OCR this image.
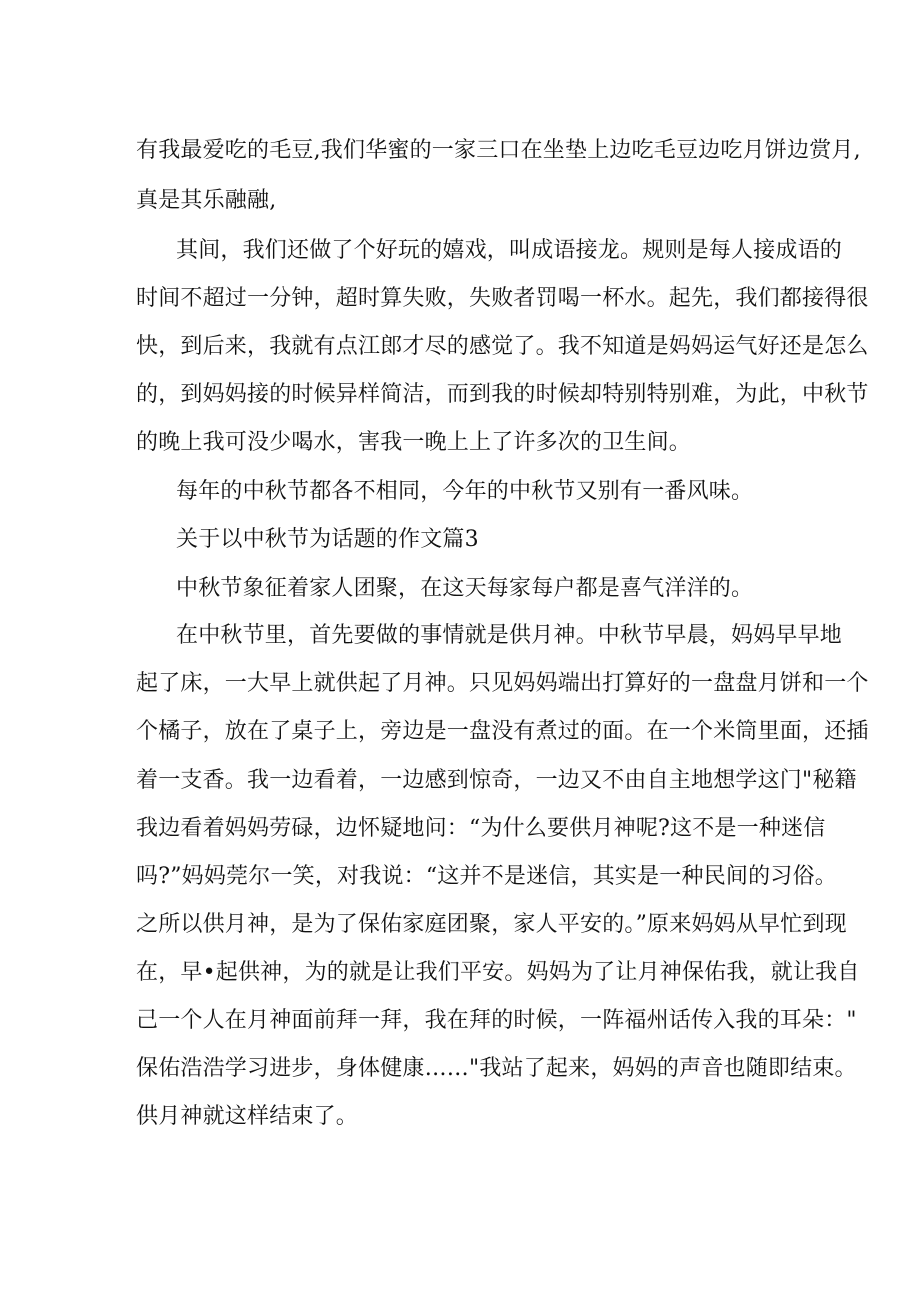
有我最爱吃的毛豆,我们华蜜的一家三口在坐垫上边吃毛豆边吃月饼边赏月,
真是其乐融融,
其间，我们还做了个好玩的嬉戏，叫成语接龙。规则是每人接成语的
时间不超过一分钟，超时算失败，失败者罚喝一杯水。起先，我们都接得很
快，到后来，我就有点江郎才尽的感觉了。我不知道是妈妈运气好还是怎么
的，到妈妈接的时候异样简洁，而到我的时候却特别特别难，为此，中秋节
的晚上我可没少喝水，害我一晚上上了许多次的卫生间。
每年的中秋节都各不相同，今年的中秋节又别有一番风味。
关于以中秋节为话题的作文篇3
中秋节象征着家人团聚，在这天每家每户都是喜气洋洋的。
在中秋节里，首先要做的事情就是供月神。中秋节早晨，妈妈早早地
起了床，一大早上就供起了月神。只见妈妈端出打算好的一盘盘月饼和一个
个橘子，放在了桌子上，旁边是一盘没有煮过的面。在一个米筒里面，还插
着一支香。我一边看着，一边感到惊奇，一边又不由自主地想学这门"秘籍
我边看着妈妈劳碌，边怀疑地问：“为什么要供月神呢?这不是一种迷信
吗?”妈妈莞尔一笑，对我说：“这并不是迷信，其实是一种民间的习俗。
之所以供月神，是为了保佑家庭团聚，家人平安的。”原来妈妈从早忙到现
在，早•起供神，为的就是让我们平安。妈妈为了让月神保佑我，就让我自
己一个人在月神面前拜一拜，我在拜的时候，一阵福州话传入我的耳朵："
保佑浩浩学习进步，身体健康……"我站了起来，妈妈的声音也随即结束。
供月神就这样结束了。
